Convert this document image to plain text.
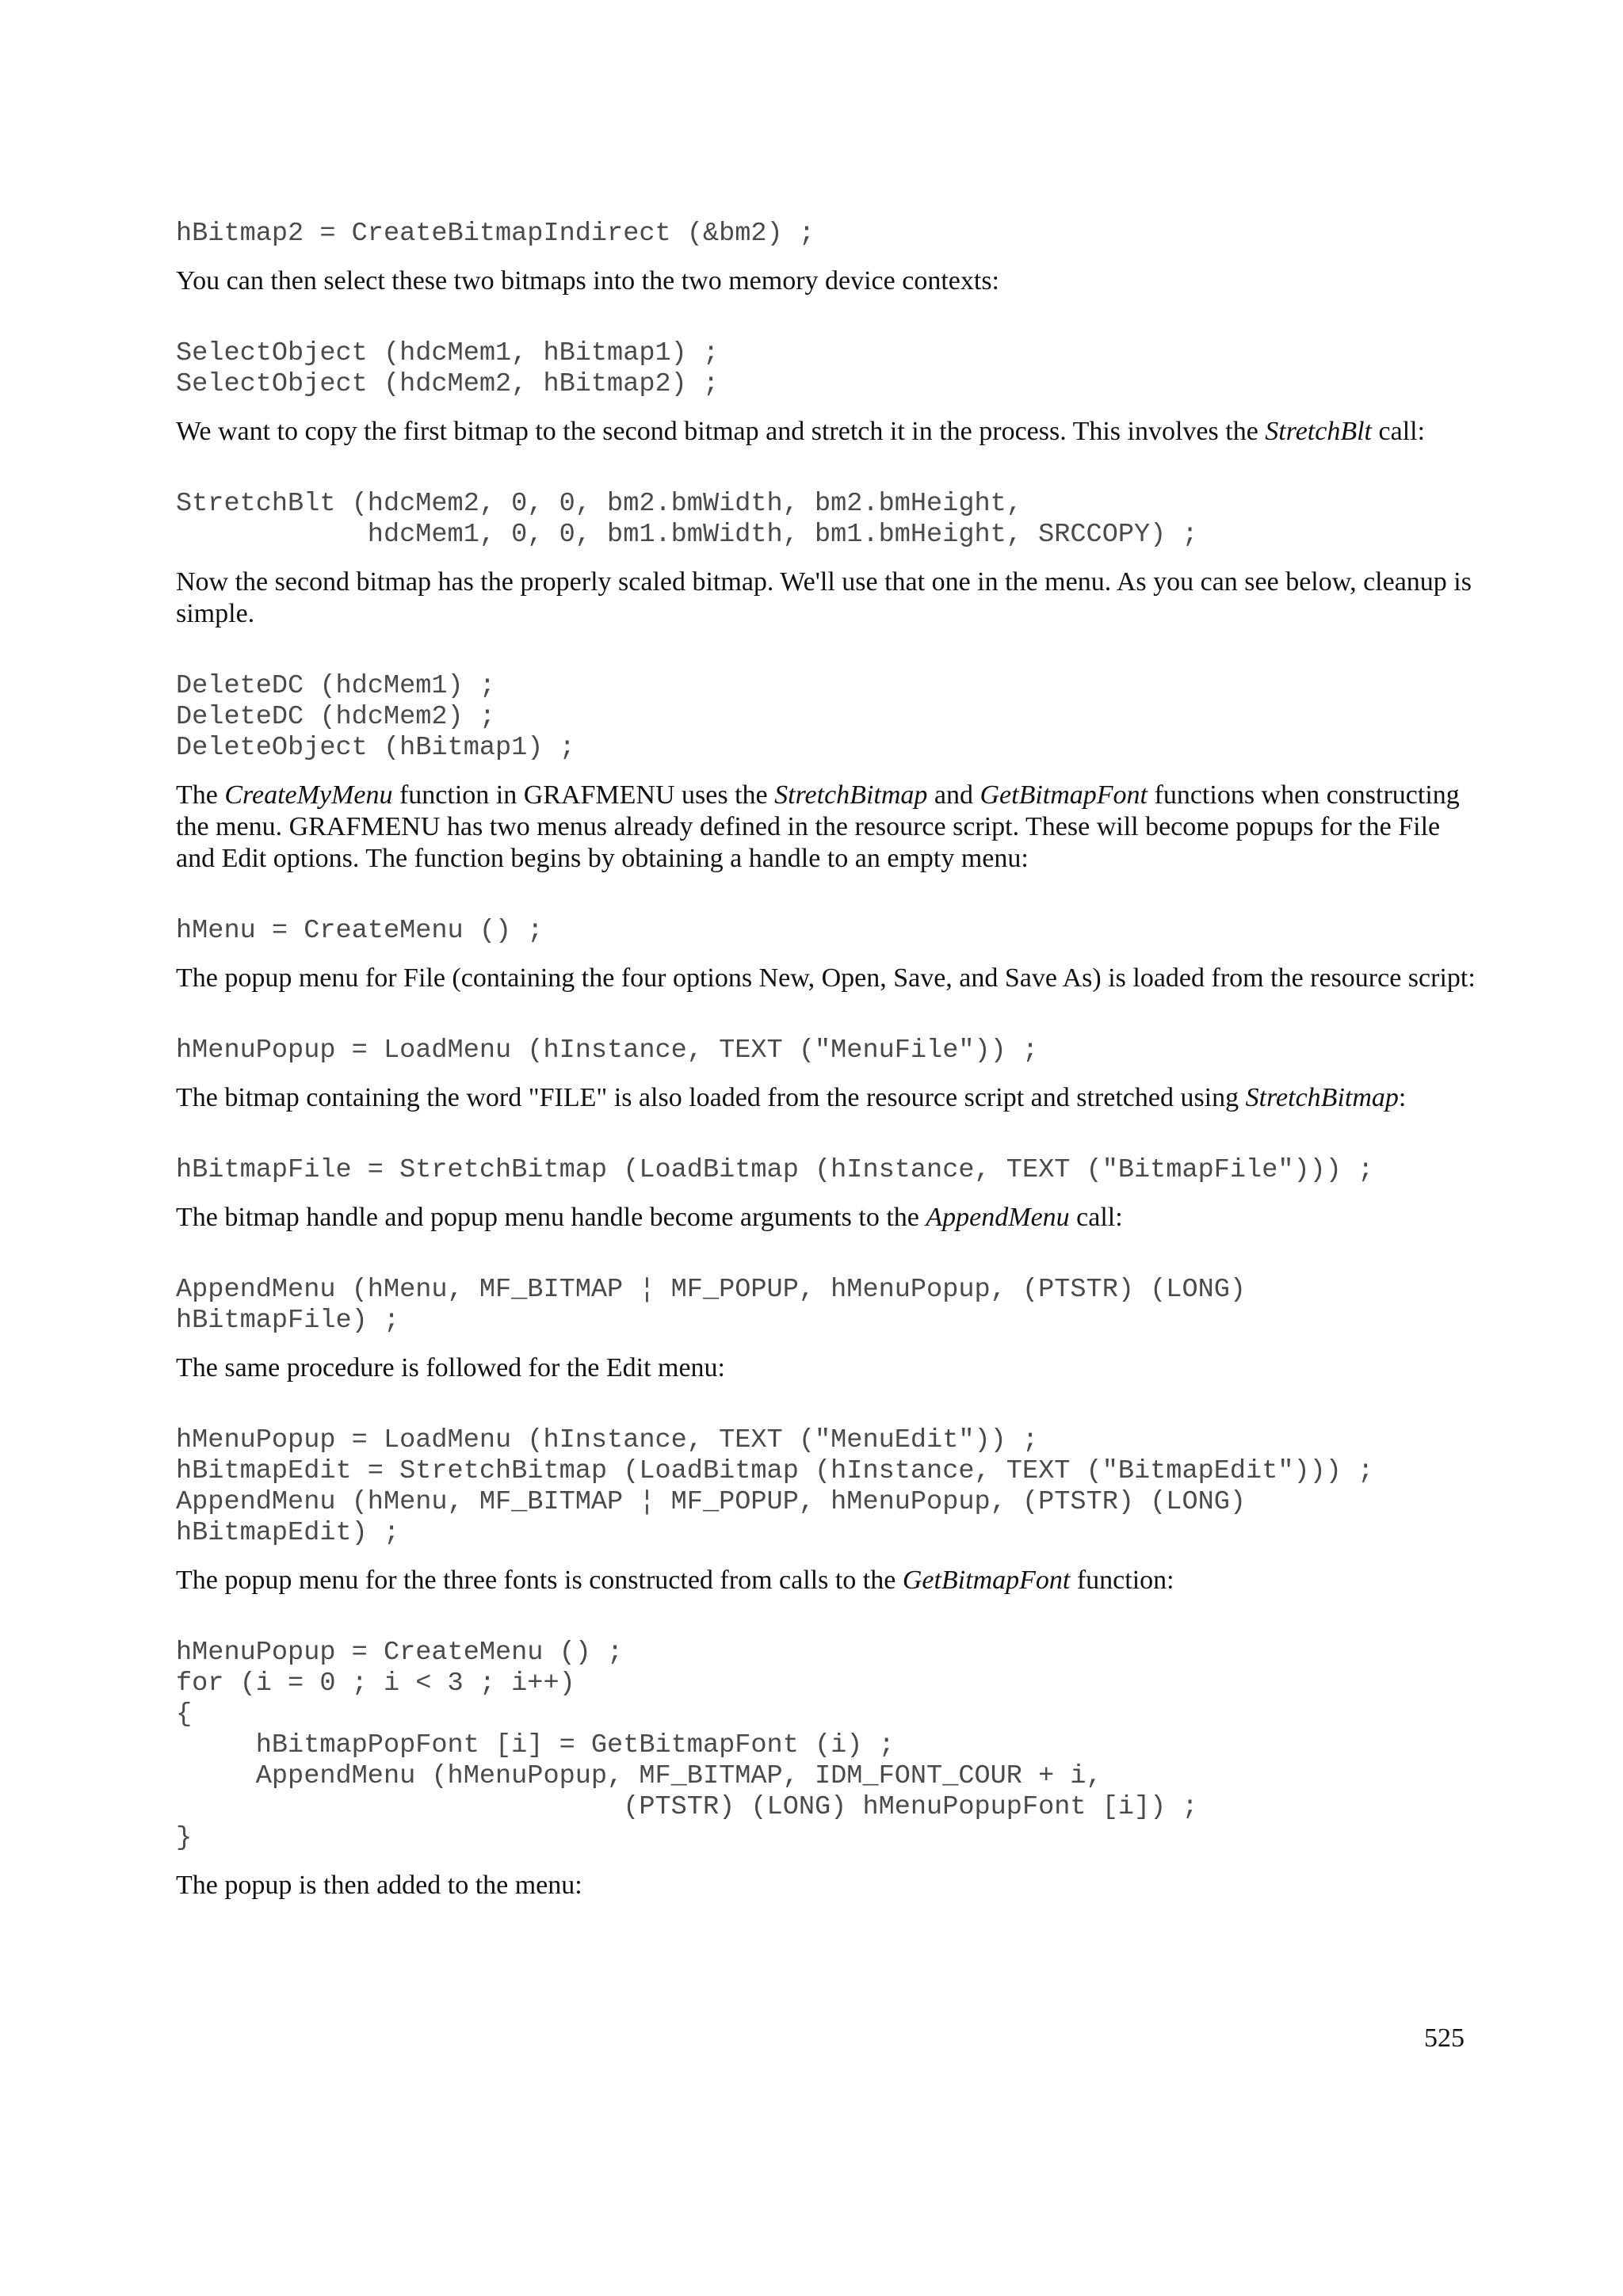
hBitmap2 = CreateBitmapIndirect (&bm2) ;

You can then select these two bitmaps into the two memory device contexts:

SelectObject (hdcMem1, hBitmap1) ;
SelectObject (hdcMem2, hBitmap2) ;

We want to copy the first bitmap to the second bitmap and stretch it in the process. This involves the StretchBlt call:

StretchBlt (hdcMem2, 0, 0, bm2.bmWidth, bm2.bmHeight,
hdcMem1, 0, 0, bm1.bmWidth, bm1.bmHeight, SRCCOPY) ;

Now the second bitmap has the properly scaled bitmap. We'll use that one in the menu. As you can see below, cleanup is simple.

DeleteDC (hdcMem1) ;
DeleteDC (hdcMem2) ;
DeleteObject (hBitmap1) ;

The CreateMyMenu function in GRAFMENU uses the StretchBitmap and GetBitmapFont functions when constructing the menu. GRAFMENU has two menus already defined in the resource script. These will become popups for the File and Edit options. The function begins by obtaining a handle to an empty menu:

hMenu = CreateMenu () ;

The popup menu for File (containing the four options New, Open, Save, and Save As) is loaded from the resource script:

hMenuPopup = LoadMenu (hInstance, TEXT ("MenuFile")) ;

The bitmap containing the word "FILE" is also loaded from the resource script and stretched using StretchBitmap:

hBitmapFile = StretchBitmap (LoadBitmap (hInstance, TEXT ("BitmapFile"))) ;

The bitmap handle and popup menu handle become arguments to the AppendMenu call:

AppendMenu (hMenu, MF_BITMAP ¦ MF_POPUP, hMenuPopup, (PTSTR) (LONG)
hBitmapFile) ;

The same procedure is followed for the Edit menu:

hMenuPopup = LoadMenu (hInstance, TEXT ("MenuEdit")) ;
hBitmapEdit = StretchBitmap (LoadBitmap (hInstance, TEXT ("BitmapEdit"))) ;
AppendMenu (hMenu, MF_BITMAP ¦ MF_POPUP, hMenuPopup, (PTSTR) (LONG)
hBitmapEdit) ;

The popup menu for the three fonts is constructed from calls to the GetBitmapFont function:

hMenuPopup = CreateMenu () ;
for (i = 0 ; i < 3 ; i++)
{
hBitmapPopFont [i] = GetBitmapFont (i) ;
AppendMenu (hMenuPopup, MF_BITMAP, IDM_FONT_COUR + i,
(PTSTR) (LONG) hMenuPopupFont [i]) ;
}

The popup is then added to the menu:

525
